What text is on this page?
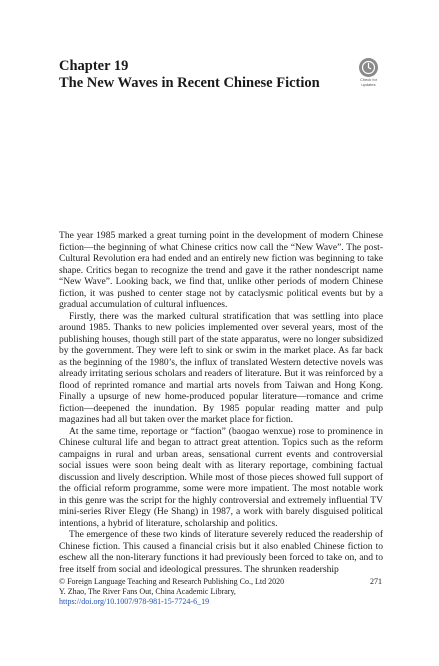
Chapter 19
The New Waves in Recent Chinese Fiction	Check for
updates

The year 1985 marked a great turning point in the development of modern Chinese fiction—the beginning of what Chinese critics now call the “New Wave”. The post-Cultural Revolution era had ended and an entirely new fiction was beginning to take shape. Critics began to recognize the trend and gave it the rather nondescript name “New Wave”. Looking back, we find that, unlike other periods of modern Chinese fiction, it was pushed to center stage not by cataclysmic political events but by a gradual accumulation of cultural influences.

Firstly, there was the marked cultural stratification that was settling into place around 1985. Thanks to new policies implemented over several years, most of the publishing houses, though still part of the state apparatus, were no longer subsidized by the government. They were left to sink or swim in the market place. As far back as the beginning of the 1980’s, the influx of translated Western detective novels was already irritating serious scholars and readers of literature. But it was reinforced by a flood of reprinted romance and martial arts novels from Taiwan and Hong Kong. Finally a upsurge of new home-produced popular literature—romance and crime fiction—deepened the inundation. By 1985 popular reading matter and pulp magazines had all but taken over the market place for fiction.

At the same time, reportage or “faction” (baogao wenxue) rose to prominence in Chinese cultural life and began to attract great attention. Topics such as the reform campaigns in rural and urban areas, sensational current events and controversial social issues were soon being dealt with as literary reportage, combining factual discussion and lively description. While most of those pieces showed full support of the official reform programme, some were more impatient. The most notable work in this genre was the script for the highly controversial and extremely influential TV mini-series River Elegy (He Shang) in 1987, a work with barely disguised political intentions, a hybrid of literature, scholarship and politics.

The emergence of these two kinds of literature severely reduced the readership of Chinese fiction. This caused a financial crisis but it also enabled Chinese fiction to eschew all the non-literary functions it had previously been forced to take on, and to free itself from social and ideological pressures. The shrunken readership

© Foreign Language Teaching and Research Publishing Co., Ltd 2020
Y. Zhao, The River Fans Out, China Academic Library,
https://doi.org/10.1007/978-981-15-7724-6_19
271
